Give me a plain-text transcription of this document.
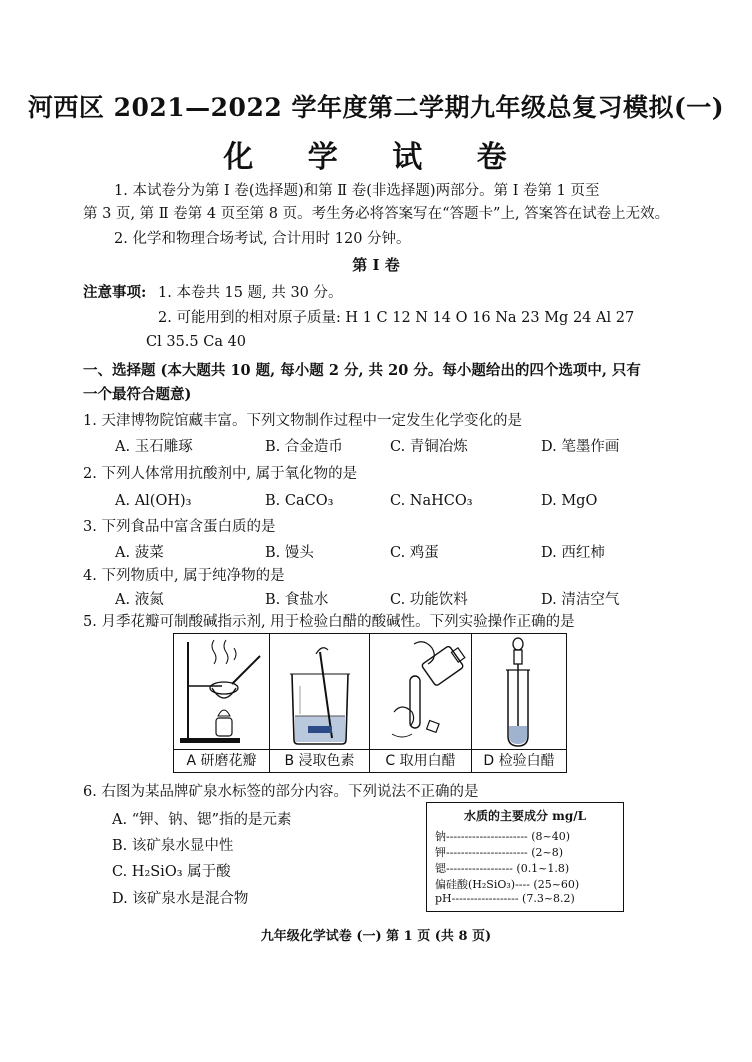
河西区 2021—2022 学年度第二学期九年级总复习模拟(一)
化 学 试 卷
1. 本试卷分为第 Ⅰ 卷(选择题)和第 Ⅱ 卷(非选择题)两部分。第 Ⅰ 卷第 1 页至
第 3 页, 第 Ⅱ 卷第 4 页至第 8 页。考生务必将答案写在“答题卡”上, 答案答在试卷上无效。
2. 化学和物理合场考试, 合计用时 120 分钟。
第 Ⅰ 卷
注意事项: 1. 本卷共 15 题, 共 30 分。
2. 可能用到的相对原子质量: H 1 C 12 N 14 O 16 Na 23 Mg 24 Al 27
Cl 35.5 Ca 40
一、选择题 (本大题共 10 题, 每小题 2 分, 共 20 分。每小题给出的四个选项中, 只有
一个最符合题意)
1. 天津博物院馆藏丰富。下列文物制作过程中一定发生化学变化的是
A. 玉石雕琢	B. 合金造币	C. 青铜冶炼	D. 笔墨作画
2. 下列人体常用抗酸剂中, 属于氧化物的是
A. Al(OH)₃	B. CaCO₃	C. NaHCO₃	D. MgO
3. 下列食品中富含蛋白质的是
A. 菠菜	B. 馒头	C. 鸡蛋	D. 西红柿
4. 下列物质中, 属于纯净物的是
A. 液氮	B. 食盐水	C. 功能饮料	D. 清洁空气
5. 月季花瓣可制酸碱指示剂, 用于检验白醋的酸碱性。下列实验操作正确的是
A 研磨花瓣	B 浸取色素	C 取用白醋	D 检验白醋
6. 右图为某品牌矿泉水标签的部分内容。下列说法不正确的是
A. “钾、钠、锶”指的是元素
B. 该矿泉水显中性
C. H₂SiO₃ 属于酸
D. 该矿泉水是混合物
水质的主要成分 mg/L
钠---------------------- (8~40)
钾---------------------- (2~8)
锶------------------ (0.1~1.8)
偏硅酸(H₂SiO₃)---- (25~60)
pH------------------ (7.3~8.2)
九年级化学试卷 (一) 第 1 页 (共 8 页)
